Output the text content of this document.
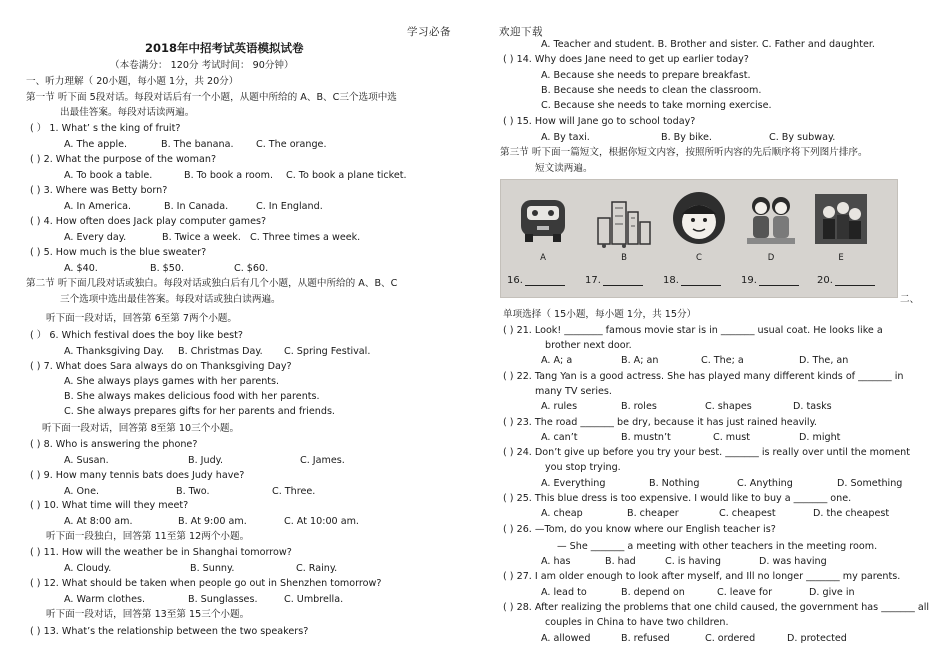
学习必备	欢迎下载
2018年中招考试英语模拟试卷
（本卷满分： 120分 考试时间： 90分钟）
一、听力理解（ 20小题，每小题 1分，共 20分）
第一节 听下面 5段对话。每段对话后有一个小题，从题中所给的 A、B、C三个选项中选
出最佳答案。每段对话读两遍。
( ） 1. What’ s the king of fruit?
A. The apple.	B. The banana. C. The orange.
( ) 2. What the purpose of the woman?
A. To book a table.	B. To book a room. C. To book a plane ticket.
( ) 3. Where was Betty born?
A. In America.	B. In Canada.	C. In England.
( ) 4. How often does Jack play computer games?
A. Every day.	B. Twice a week. C. Three times a week.
( ) 5. How much is the blue sweater?
A. $40.	B. $50.	C. $60.
第二节 听下面几段对话或独白。每段对话或独白后有几个小题，从题中所给的 A、B、C
三个选项中选出最佳答案。每段对话或独白读两遍。
听下面一段对话，回答第 6至第 7两个小题。
( ） 6. Which festival does the boy like best?
A. Thanksgiving Day. B. Christmas Day. C. Spring Festival.
( ) 7. What does Sara always do on Thanksgiving Day?
A. She always plays games with her parents.
B. She always makes delicious food with her parents.
C. She always prepares gifts for her parents and friends.
听下面一段对话，回答第 8至第 10三个小题。
( ) 8. Who is answering the phone?
A. Susan.	B. Judy.	C. James.
( ) 9. How many tennis bats does Judy have?
A. One.	B. Two.	C. Three.
( ) 10. What time will they meet?
A. At 8:00 am.	B. At 9:00 am.	C. At 10:00 am.
听下面一段独白，回答第 11至第 12两个小题。
( ) 11. How will the weather be in Shanghai tomorrow?
A. Cloudy.	B. Sunny.	C. Rainy.
( ) 12. What should be taken when people go out in Shenzhen tomorrow?
A. Warm clothes.	B. Sunglasses.	C. Umbrella.
听下面一段对话，回答第 13至第 15三个小题。
( ) 13. What’s the relationship between the two speakers?
A. Teacher and student. B. Brother and sister. C. Father and daughter.
( ) 14. Why does Jane need to get up earlier today?
A. Because she needs to prepare breakfast.
B. Because she needs to clean the classroom.
C. Because she needs to take morning exercise.
( ) 15. How will Jane go to school today?
A. By taxi.	B. By bike.	C. By subway.
第三节 听下面一篇短文，根据你短文内容，按照所听内容的先后顺序将下列图片排序。
短文读两遍。
二、
单项选择（ 15小题，每小题 1分，共 15分）
( ) 21. Look! ________ famous movie star is in _______ usual coat. He looks like a
brother next door.
A. A; a	B. A; an	C. The; a	D. The, an
( ) 22. Tang Yan is a good actress. She has played many different kinds of _______ in
many TV series.
A. rules	B. roles	C. shapes	D. tasks
( ) 23. The road _______ be dry, because it has just rained heavily.
A. can’t	B. mustn’t	C. must	D. might
( ) 24. Don’t give up before you try your best. _______ is really over until the moment
you stop trying.
A. Everything	B. Nothing	C. Anything	D. Something
( ) 25. This blue dress is too expensive. I would like to buy a _______ one.
A. cheap	B. cheaper	C. cheapest	D. the cheapest
( ) 26. —Tom, do you know where our English teacher is?
— She _______ a meeting with other teachers in the meeting room.
A. has	B. had	C. is having	D. was having
( ) 27. I am older enough to look after myself, and Ill no longer _______ my parents.
A. lead to	B. depend on	C. leave for	D. give in
( ) 28. After realizing the problems that one child caused, the government has _______ all
couples in China to have two children.
A. allowed	B. refused	C. ordered	D. protected
A	B	C	D	E
16.	17.	18.	19.	20.
